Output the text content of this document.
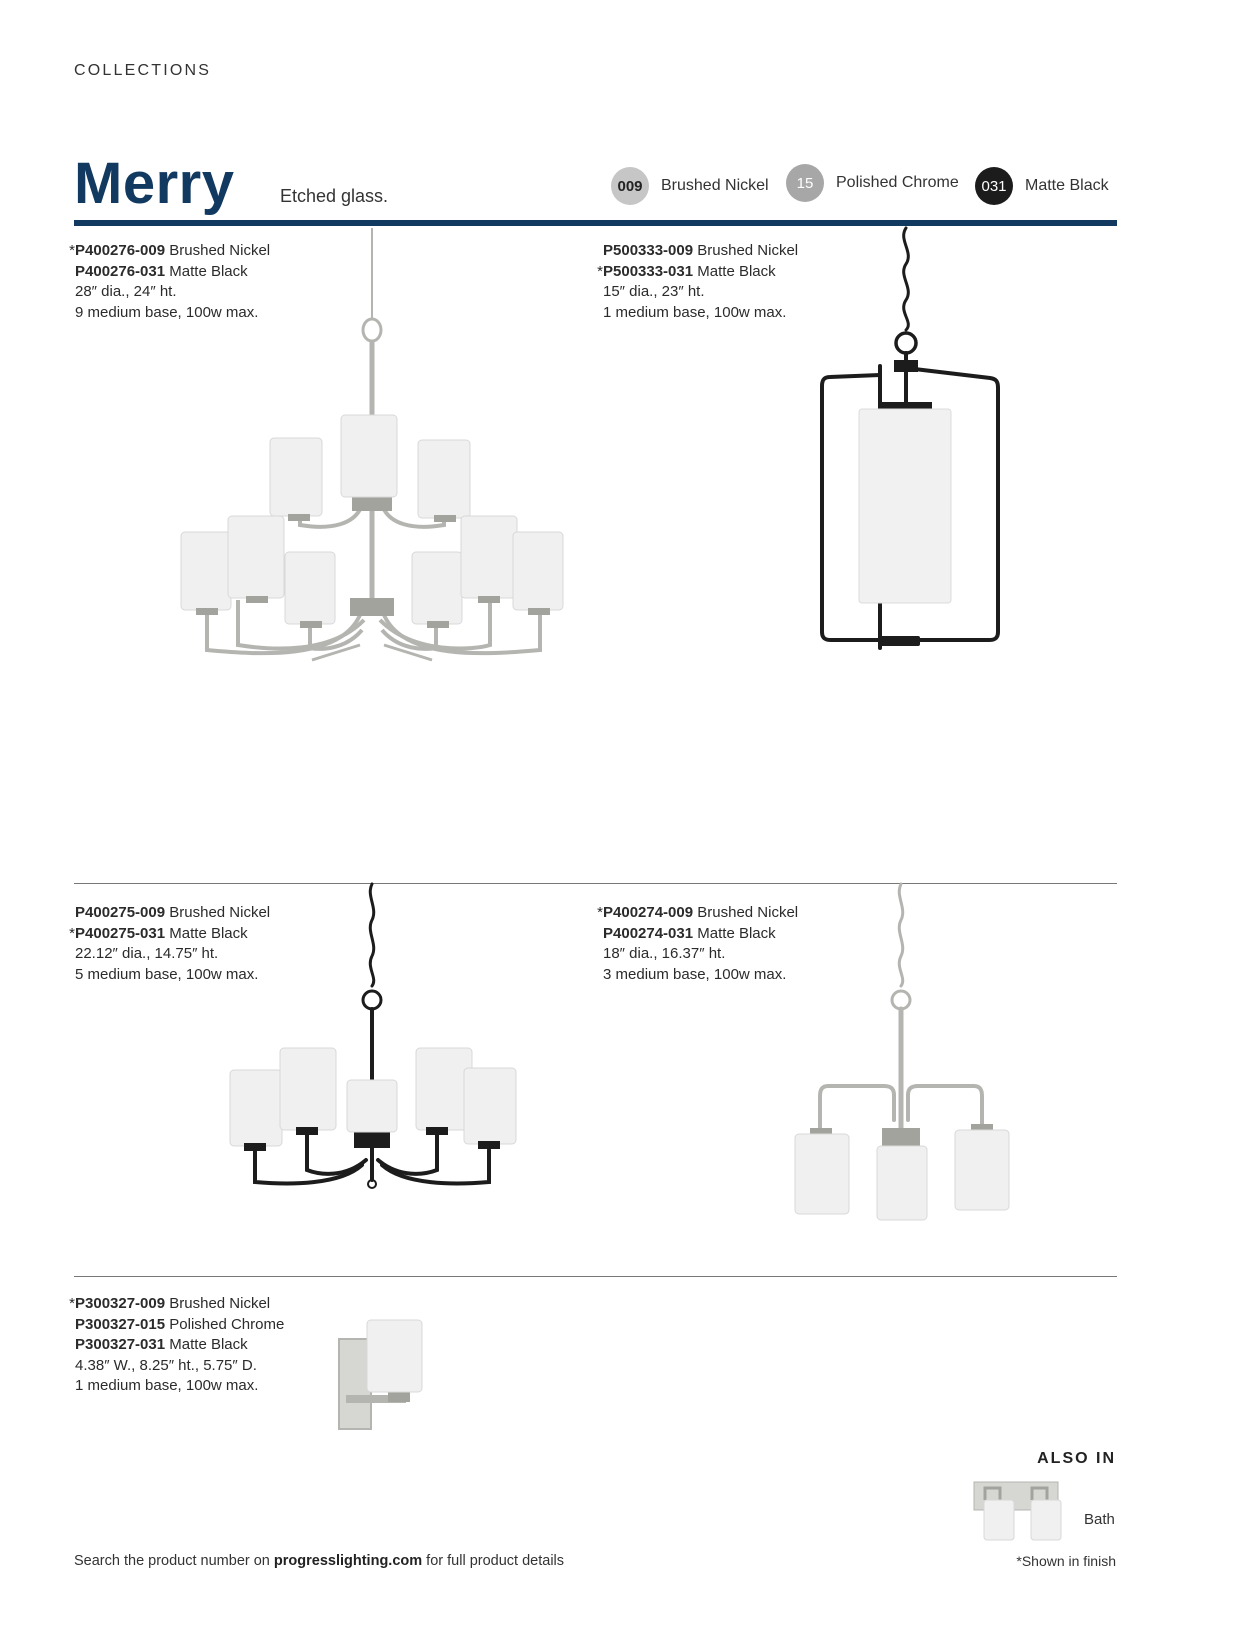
COLLECTIONS
Merry	Etched glass.	009	Brushed Nickel	15	Polished Chrome	031	Matte Black
*P400276-009 Brushed Nickel
P400276-031 Matte Black
28″ dia., 24″ ht.
9 medium base, 100w max.
P500333-009 Brushed Nickel
*P500333-031 Matte Black
15″ dia., 23″ ht.
1 medium base, 100w max.
P400275-009 Brushed Nickel
*P400275-031 Matte Black
22.12″ dia., 14.75″ ht.
5 medium base, 100w max.
*P400274-009 Brushed Nickel
P400274-031 Matte Black
18″ dia., 16.37″ ht.
3 medium base, 100w max.
*P300327-009 Brushed Nickel
P300327-015 Polished Chrome
P300327-031 Matte Black
4.38″ W., 8.25″ ht., 5.75″ D.
1 medium base, 100w max.
ALSO IN
Bath
*Shown in finish
Search the product number on progresslighting.com for full product details
